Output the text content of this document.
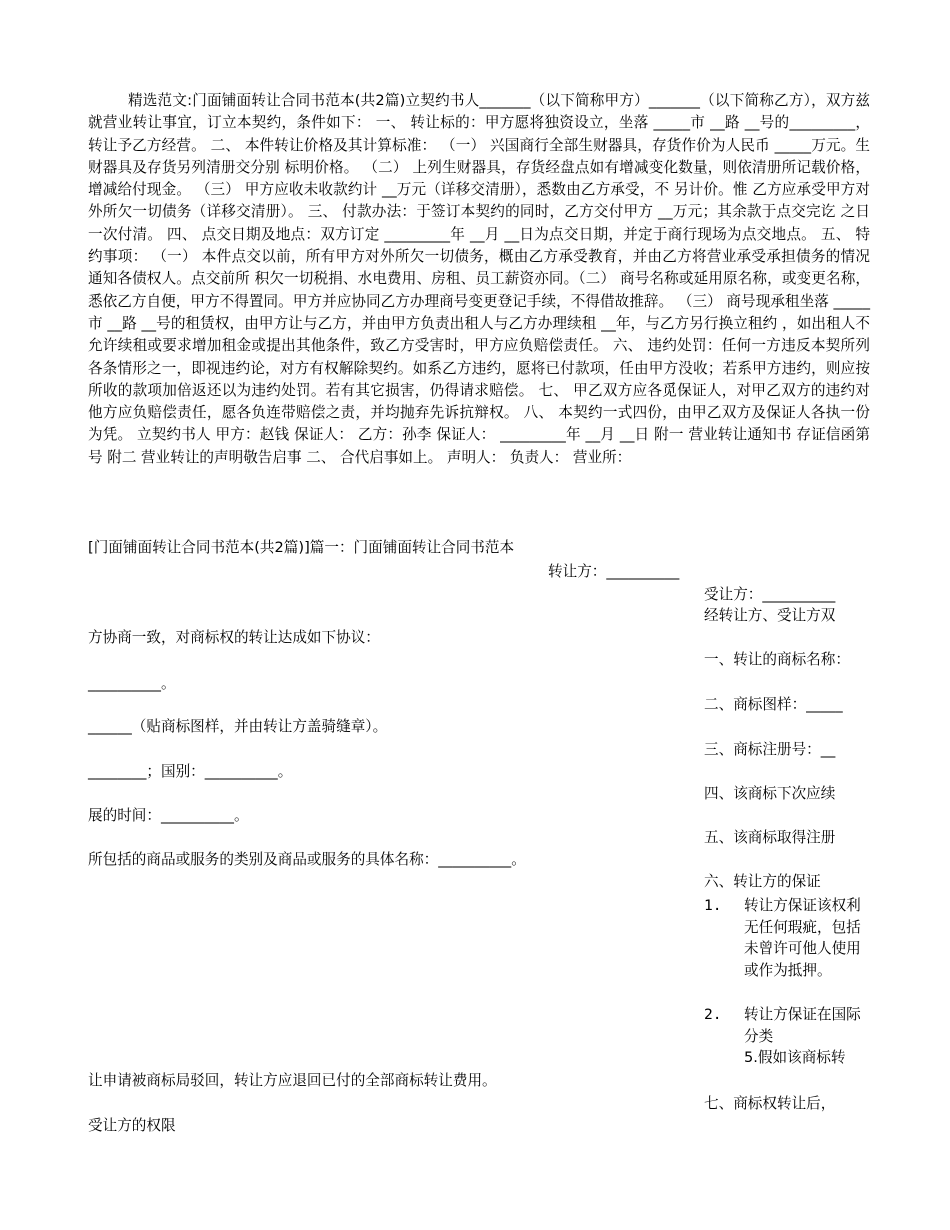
精选范文:门面铺面转让合同书范本(共2篇)立契约书人_______（以下简称甲方）_______（以下简称乙方），双方兹就营业转让事宜，订立本契约，条件如下： 一、 转让标的：甲方愿将独资设立，坐落 _____市 __路 __号的_________，转让予乙方经营。 二、 本件转让价格及其计算标准： （一） 兴国商行全部生财器具，存货作价为人民币 _____万元。生财器具及存货另列清册交分别 标明价格。 （二） 上列生财器具，存货经盘点如有增减变化数量，则依清册所记载价格，增减给付现金。 （三） 甲方应收未收款约计 __万元（详移交清册），悉数由乙方承受，不 另计价。惟 乙方应承受甲方对外所欠一切债务（详移交清册）。 三、 付款办法：于签订本契约的同时，乙方交付甲方 __万元；其余款于点交完讫 之日一次付清。 四、 点交日期及地点：双方订定 _________年 __月 __日为点交日期，并定于商行现场为点交地点。 五、 特约事项： （一） 本件点交以前，所有甲方对外所欠一切债务，概由乙方承受教育，并由乙方将营业承受承担债务的情况通知各债权人。点交前所 积欠一切税捐、水电费用、房租、员工薪资亦同。（二） 商号名称或延用原名称，或变更名称，悉依乙方自便，甲方不得置同。甲方并应协同乙方办理商号变更登记手续，不得借故推辞。 （三） 商号现承租坐落 _____市 __路 __号的租赁权，由甲方让与乙方，并由甲方负责出租人与乙方办理续租 __年，与乙方另行换立租约 ，如出租人不允许续租或要求增加租金或提出其他条件，致乙方受害时，甲方应负赔偿责任。 六、 违约处罚：任何一方违反本契所列各条情形之一，即视违约论，对方有权解除契约。如系乙方违约，愿将已付款项，任由甲方没收；若系甲方违约，则应按所收的款项加倍返还以为违约处罚。若有其它损害，仍得请求赔偿。 七、 甲乙双方应各觅保证人，对甲乙双方的违约对他方应负赔偿责任，愿各负连带赔偿之责，并均抛弃先诉抗辩权。 八、 本契约一式四份，由甲乙双方及保证人各执一份为凭。 立契约书人 甲方：赵钱 保证人： 乙方：孙李 保证人： _________年 __月 __日 附一 营业转让通知书 存证信函第 号 附二 营业转让的声明敬告启事 二、 合代启事如上。 声明人： 负责人： 营业所：

[门面铺面转让合同书范本(共2篇)]篇一：门面铺面转让合同书范本

转让方：__________

受让方：__________

经转让方、受让方双

方协商一致，对商标权的转让达成如下协议：

一、转让的商标名称：

__________。

二、商标图样：_____

______（贴商标图样，并由转让方盖骑缝章）。

三、商标注册号：__

________；国别：__________。

四、该商标下次应续

展的时间：__________。

五、该商标取得注册

所包括的商品或服务的类别及商品或服务的具体名称：__________。

六、转让方的保证

1. 转让方保证该权利无任何瑕疵，包括未曾许可他人使用或作为抵押。

2. 转让方保证在国际分类

5.假如该商标转

让申请被商标局驳回，转让方应退回已付的全部商标转让费用。

七、商标权转让后，

受让方的权限
